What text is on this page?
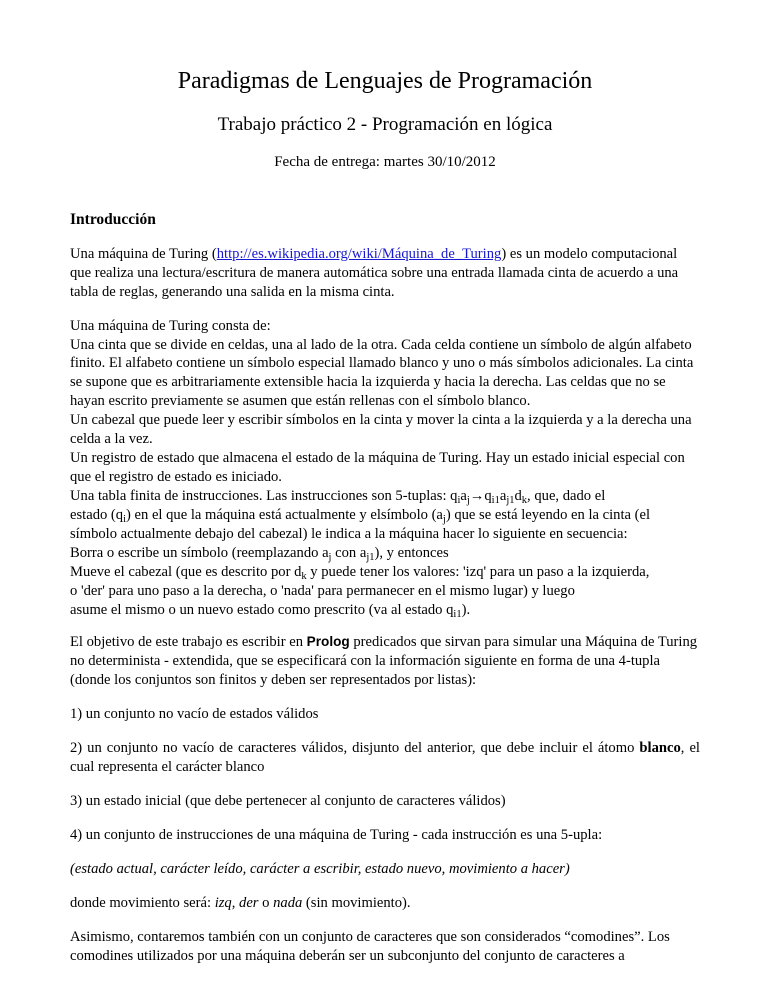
Paradigmas de Lenguajes de Programación
Trabajo práctico 2 - Programación en lógica

Fecha de entrega: martes 30/10/2012

Introducción

Una máquina de Turing (http://es.wikipedia.org/wiki/Máquina_de_Turing) es un modelo computacional que realiza una lectura/escritura de manera automática sobre una entrada llamada cinta de acuerdo a una tabla de reglas, generando una salida en la misma cinta.

Una máquina de Turing consta de:

Una cinta que se divide en celdas, una al lado de la otra. Cada celda contiene un símbolo de algún alfabeto finito. El alfabeto contiene un símbolo especial llamado blanco y uno o más símbolos adicionales. La cinta se supone que es arbitrariamente extensible hacia la izquierda y hacia la derecha. Las celdas que no se hayan escrito previamente se asumen que están rellenas con el símbolo blanco.

Un cabezal que puede leer y escribir símbolos en la cinta y mover la cinta a la izquierda y a la derecha una celda a la vez.

Un registro de estado que almacena el estado de la máquina de Turing. Hay un estado inicial especial con que el registro de estado es iniciado.

Una tabla finita de instrucciones. Las instrucciones son 5-tuplas: $q_ia_j\to q_{i1}a_{j1}d_k$, que, dado el

estado $(q_i)$ en el que la máquina está actualmente y elsímbolo $(a_j)$ que se está leyendo en la cinta (el

símbolo actualmente debajo del cabezal) le indica a la máquina hacer lo siguiente en secuencia:

Borra o escribe un símbolo (reemplazando $a_j$ con $a_{j1}$), y entonces

Mueve el cabezal (que es descrito por $d_k$ y puede tener los valores: 'izq' para un paso a la izquierda,

o 'der' para uno paso a la derecha, o 'nada' para permanecer en el mismo lugar) y luego

asume el mismo o un nuevo estado como prescrito (va al estado $q_{i1}$).

El objetivo de este trabajo es escribir en Prolog predicados que sirvan para simular una Máquina de Turing no determinista - extendida, que se especificará con la información siguiente en forma de una 4-tupla (donde los conjuntos son finitos y deben ser representados por listas):

1) un conjunto no vacío de estados válidos

2) un conjunto no vacío de caracteres válidos, disjunto del anterior, que debe incluir el átomo blanco, el cual representa el carácter blanco

3) un estado inicial (que debe pertenecer al conjunto de caracteres válidos)

4) un conjunto de instrucciones de una máquina de Turing - cada instrucción es una 5-upla:

(estado actual, carácter leído, carácter a escribir, estado nuevo, movimiento a hacer)

donde movimiento será: izq, der o nada (sin movimiento).

Asimismo, contaremos también con un conjunto de caracteres que son considerados “comodines”. Los comodines utilizados por una máquina deberán ser un subconjunto del conjunto de caracteres a
